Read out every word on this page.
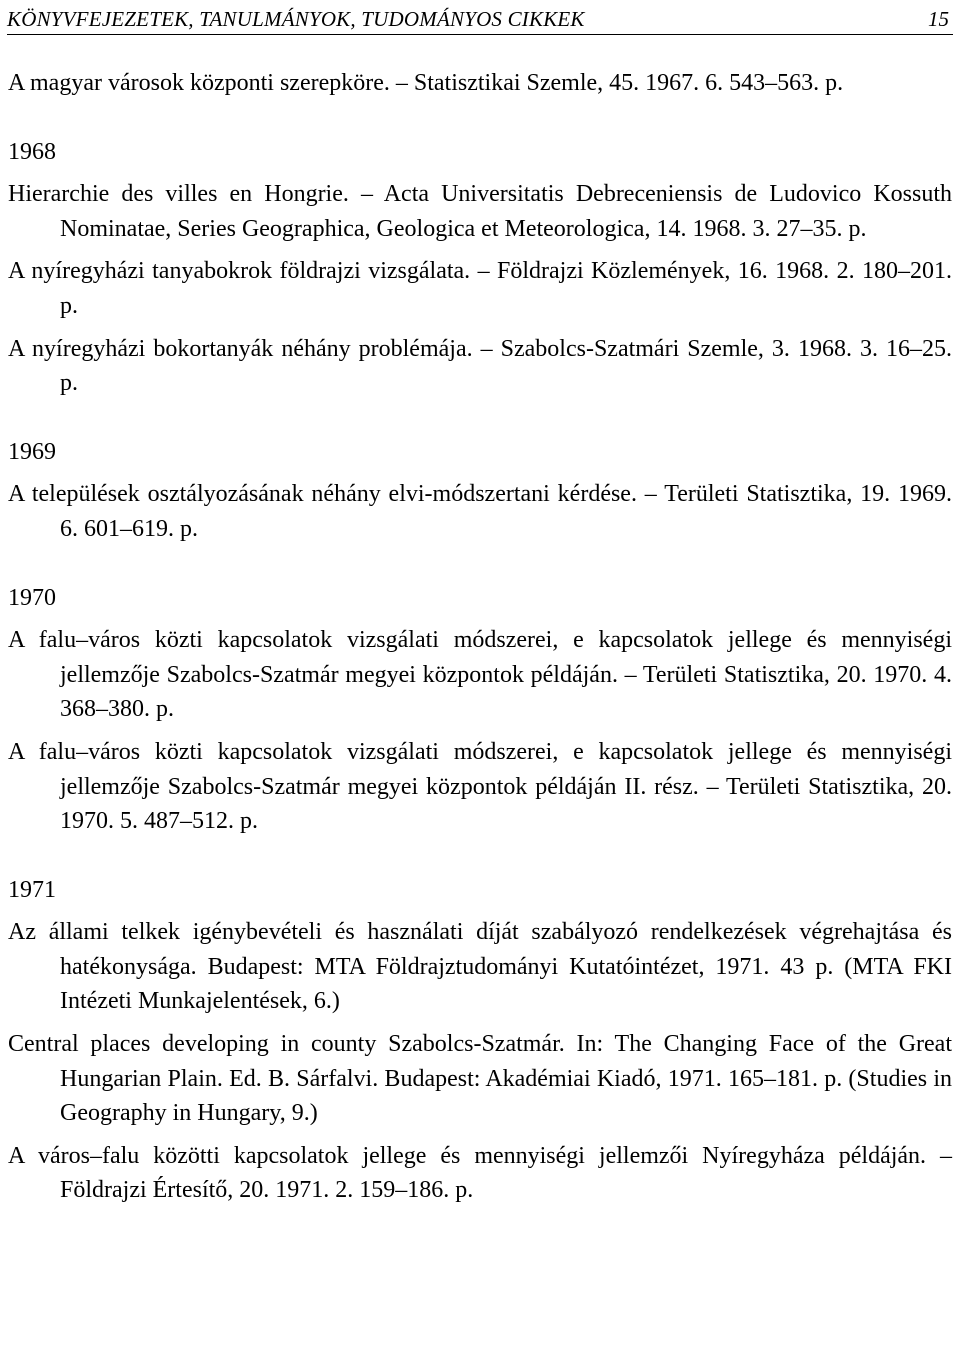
KÖNYVFEJEZETEK, TANULMÁNYOK, TUDOMÁNYOS CIKKEK	15

A magyar városok központi szerepköre. – Statisztikai Szemle, 45. 1967. 6. 543–563. p.

1968

Hierarchie des villes en Hongrie. – Acta Universitatis Debreceniensis de Ludovico Kossuth Nominatae, Series Geographica, Geologica et Meteorologica, 14. 1968. 3. 27–35. p.

A nyíregyházi tanyabokrok földrajzi vizsgálata. – Földrajzi Közlemények, 16. 1968. 2. 180–201. p.

A nyíregyházi bokortanyák néhány problémája. – Szabolcs-Szatmári Szemle, 3. 1968. 3. 16–25. p.

1969

A települések osztályozásának néhány elvi-módszertani kérdése. – Területi Statisztika, 19. 1969. 6. 601–619. p.

1970

A falu–város közti kapcsolatok vizsgálati módszerei, e kapcsolatok jellege és mennyiségi jellemzője Szabolcs-Szatmár megyei központok példáján. – Területi Statisztika, 20. 1970. 4. 368–380. p.

A falu–város közti kapcsolatok vizsgálati módszerei, e kapcsolatok jellege és mennyiségi jellemzője Szabolcs-Szatmár megyei központok példáján II. rész. – Területi Statisztika, 20. 1970. 5. 487–512. p.

1971

Az állami telkek igénybevételi és használati díját szabályozó rendelkezések végrehajtása és hatékonysága. Budapest: MTA Földrajztudományi Kutatóintézet, 1971. 43 p. (MTA FKI Intézeti Munkajelentések, 6.)

Central places developing in county Szabolcs-Szatmár. In: The Changing Face of the Great Hungarian Plain. Ed. B. Sárfalvi. Budapest: Akadémiai Kiadó, 1971. 165–181. p. (Studies in Geography in Hungary, 9.)

A város–falu közötti kapcsolatok jellege és mennyiségi jellemzői Nyíregyháza példáján. – Földrajzi Értesítő, 20. 1971. 2. 159–186. p.
